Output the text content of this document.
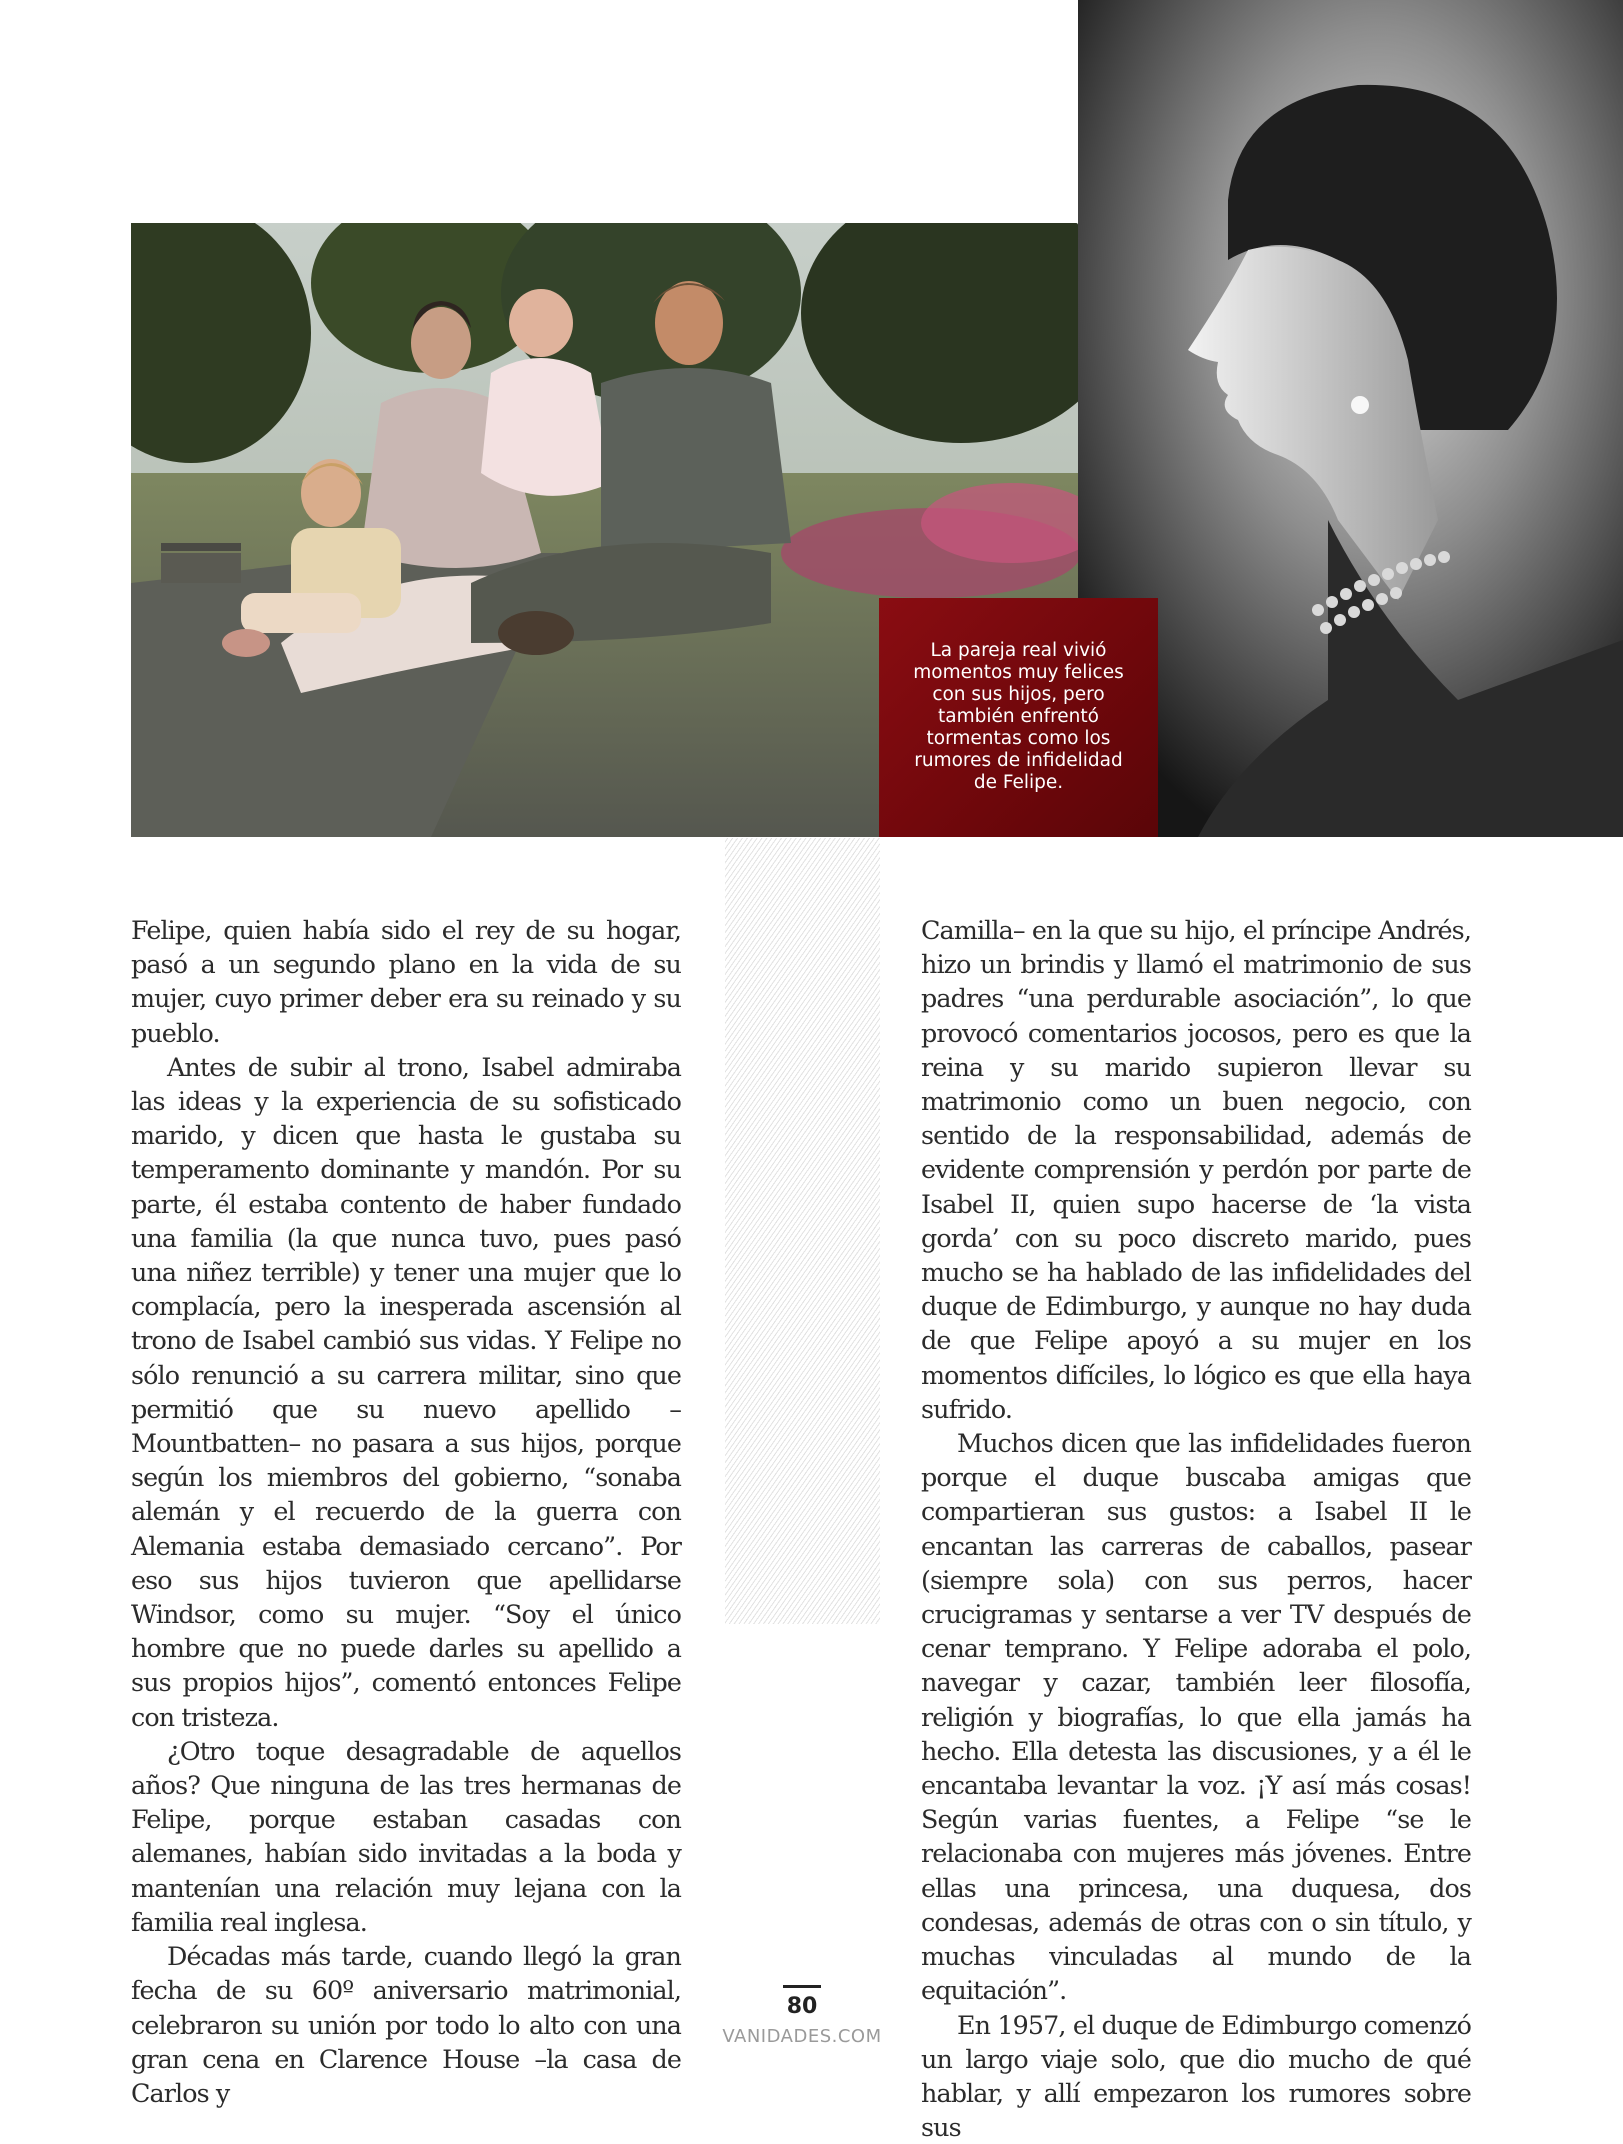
La pareja real vivió momentos muy felices con sus hijos, pero también enfrentó tormentas como los rumores de infidelidad de Felipe.

Felipe, quien había sido el rey de su hogar, pasó a un segundo plano en la vida de su mujer, cuyo primer deber era su reinado y su pueblo.

Antes de subir al trono, Isabel admiraba las ideas y la experiencia de su sofisticado marido, y dicen que hasta le gustaba su temperamento dominante y mandón. Por su parte, él estaba contento de haber fundado una familia (la que nunca tuvo, pues pasó una niñez terrible) y tener una mujer que lo complacía, pero la inesperada ascensión al trono de Isabel cambió sus vidas. Y Felipe no sólo renunció a su carrera militar, sino que permitió que su nuevo apellido –Mountbatten– no pasara a sus hijos, porque según los miembros del gobierno, “sonaba alemán y el recuerdo de la guerra con Alemania estaba demasiado cercano”. Por eso sus hijos tuvieron que apellidarse Windsor, como su mujer. “Soy el único hombre que no puede darles su apellido a sus propios hijos”, comentó entonces Felipe con tristeza.

¿Otro toque desagradable de aquellos años? Que ninguna de las tres hermanas de Felipe, porque estaban casadas con alemanes, habían sido invitadas a la boda y mantenían una relación muy lejana con la familia real inglesa.

Décadas más tarde, cuando llegó la gran fecha de su 60º aniversario matrimonial, celebraron su unión por todo lo alto con una gran cena en Clarence House –la casa de Carlos y

Camilla– en la que su hijo, el príncipe Andrés, hizo un brindis y llamó el matrimonio de sus padres “una perdurable asociación”, lo que provocó comentarios jocosos, pero es que la reina y su marido supieron llevar su matrimonio como un buen negocio, con sentido de la responsabilidad, además de evidente comprensión y perdón por parte de Isabel II, quien supo hacerse de ‘la vista gorda’ con su poco discreto marido, pues mucho se ha hablado de las infidelidades del duque de Edimburgo, y aunque no hay duda de que Felipe apoyó a su mujer en los momentos difíciles, lo lógico es que ella haya sufrido.

Muchos dicen que las infidelidades fueron porque el duque buscaba amigas que compartieran sus gustos: a Isabel II le encantan las carreras de caballos, pasear (siempre sola) con sus perros, hacer crucigramas y sentarse a ver TV después de cenar temprano. Y Felipe adoraba el polo, navegar y cazar, también leer filosofía, religión y biografías, lo que ella jamás ha hecho. Ella detesta las discusiones, y a él le encantaba levantar la voz. ¡Y así más cosas! Según varias fuentes, a Felipe “se le relacionaba con mujeres más jóvenes. Entre ellas una princesa, una duquesa, dos condesas, además de otras con o sin título, y muchas vinculadas al mundo de la equitación”.

En 1957, el duque de Edimburgo comenzó un largo viaje solo, que dio mucho de qué hablar, y allí empezaron los rumores sobre sus

80
VANIDADES.COM
